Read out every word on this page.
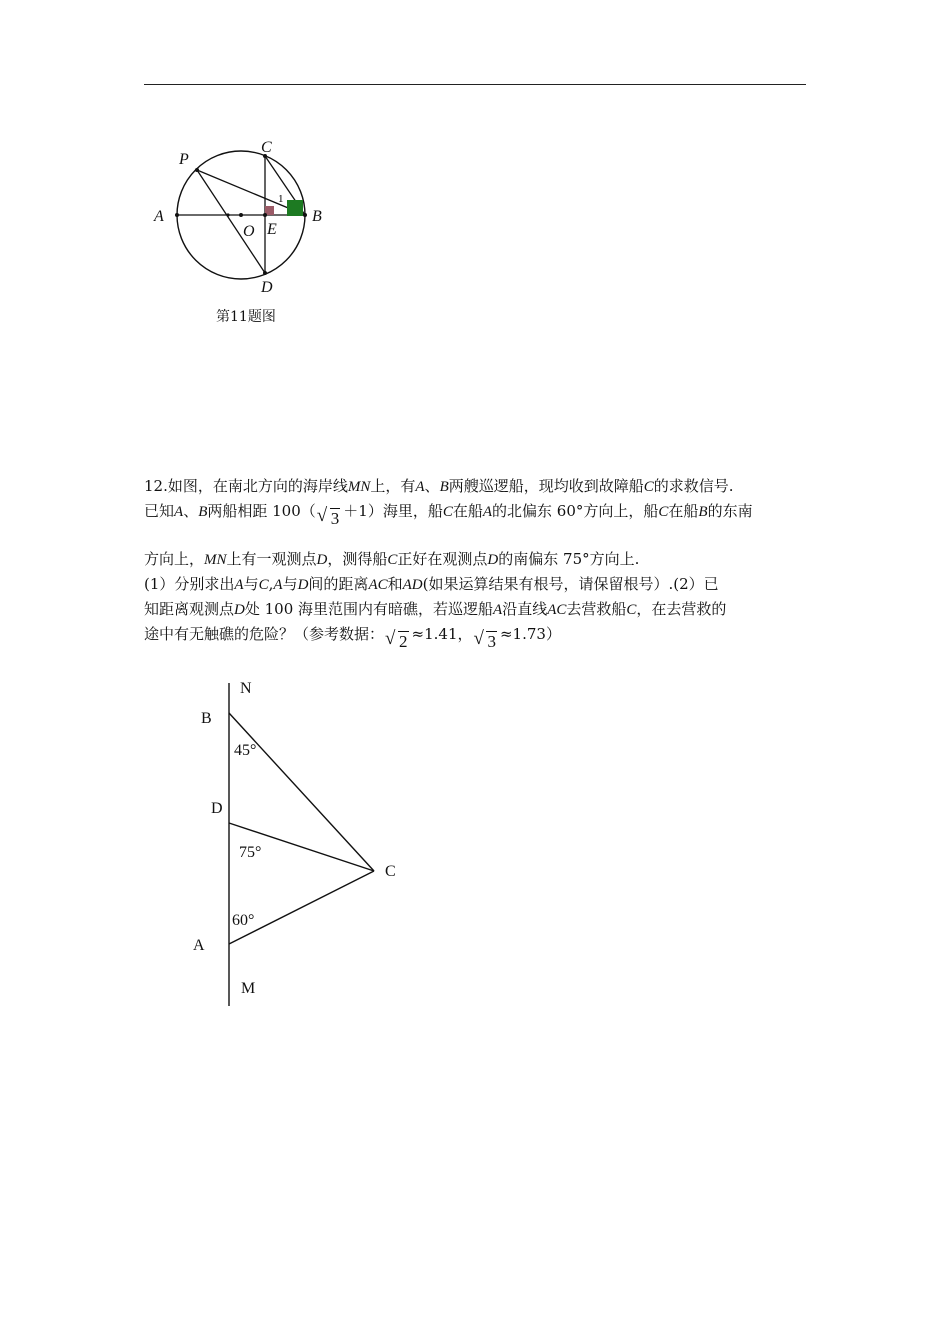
P
C
A	B
O E
D
1
N
B
D
C
A
M
45°
75°
60°
第11题图

12.如图，在南北方向的海岸线MN上，有A、B两艘巡逻船，现均收到故障船C的求救信号.

已知A、B两船相距 100（ √ 3 ＋1）海里，船C在船A的北偏东 60°方向上，船C在船B的东南

方向上，MN上有一观测点D，测得船C正好在观测点D的南偏东 75°方向上.

(1）分别求出A与C,A与D间的距离AC和AD(如果运算结果有根号，请保留根号）.(2）已

知距离观测点D处 100 海里范围内有暗礁，若巡逻船A沿直线AC去营救船C，在去营救的

途中有无触礁的危险？（参考数据： √ 2 ≈1.41， √ 3 ≈1.73）
